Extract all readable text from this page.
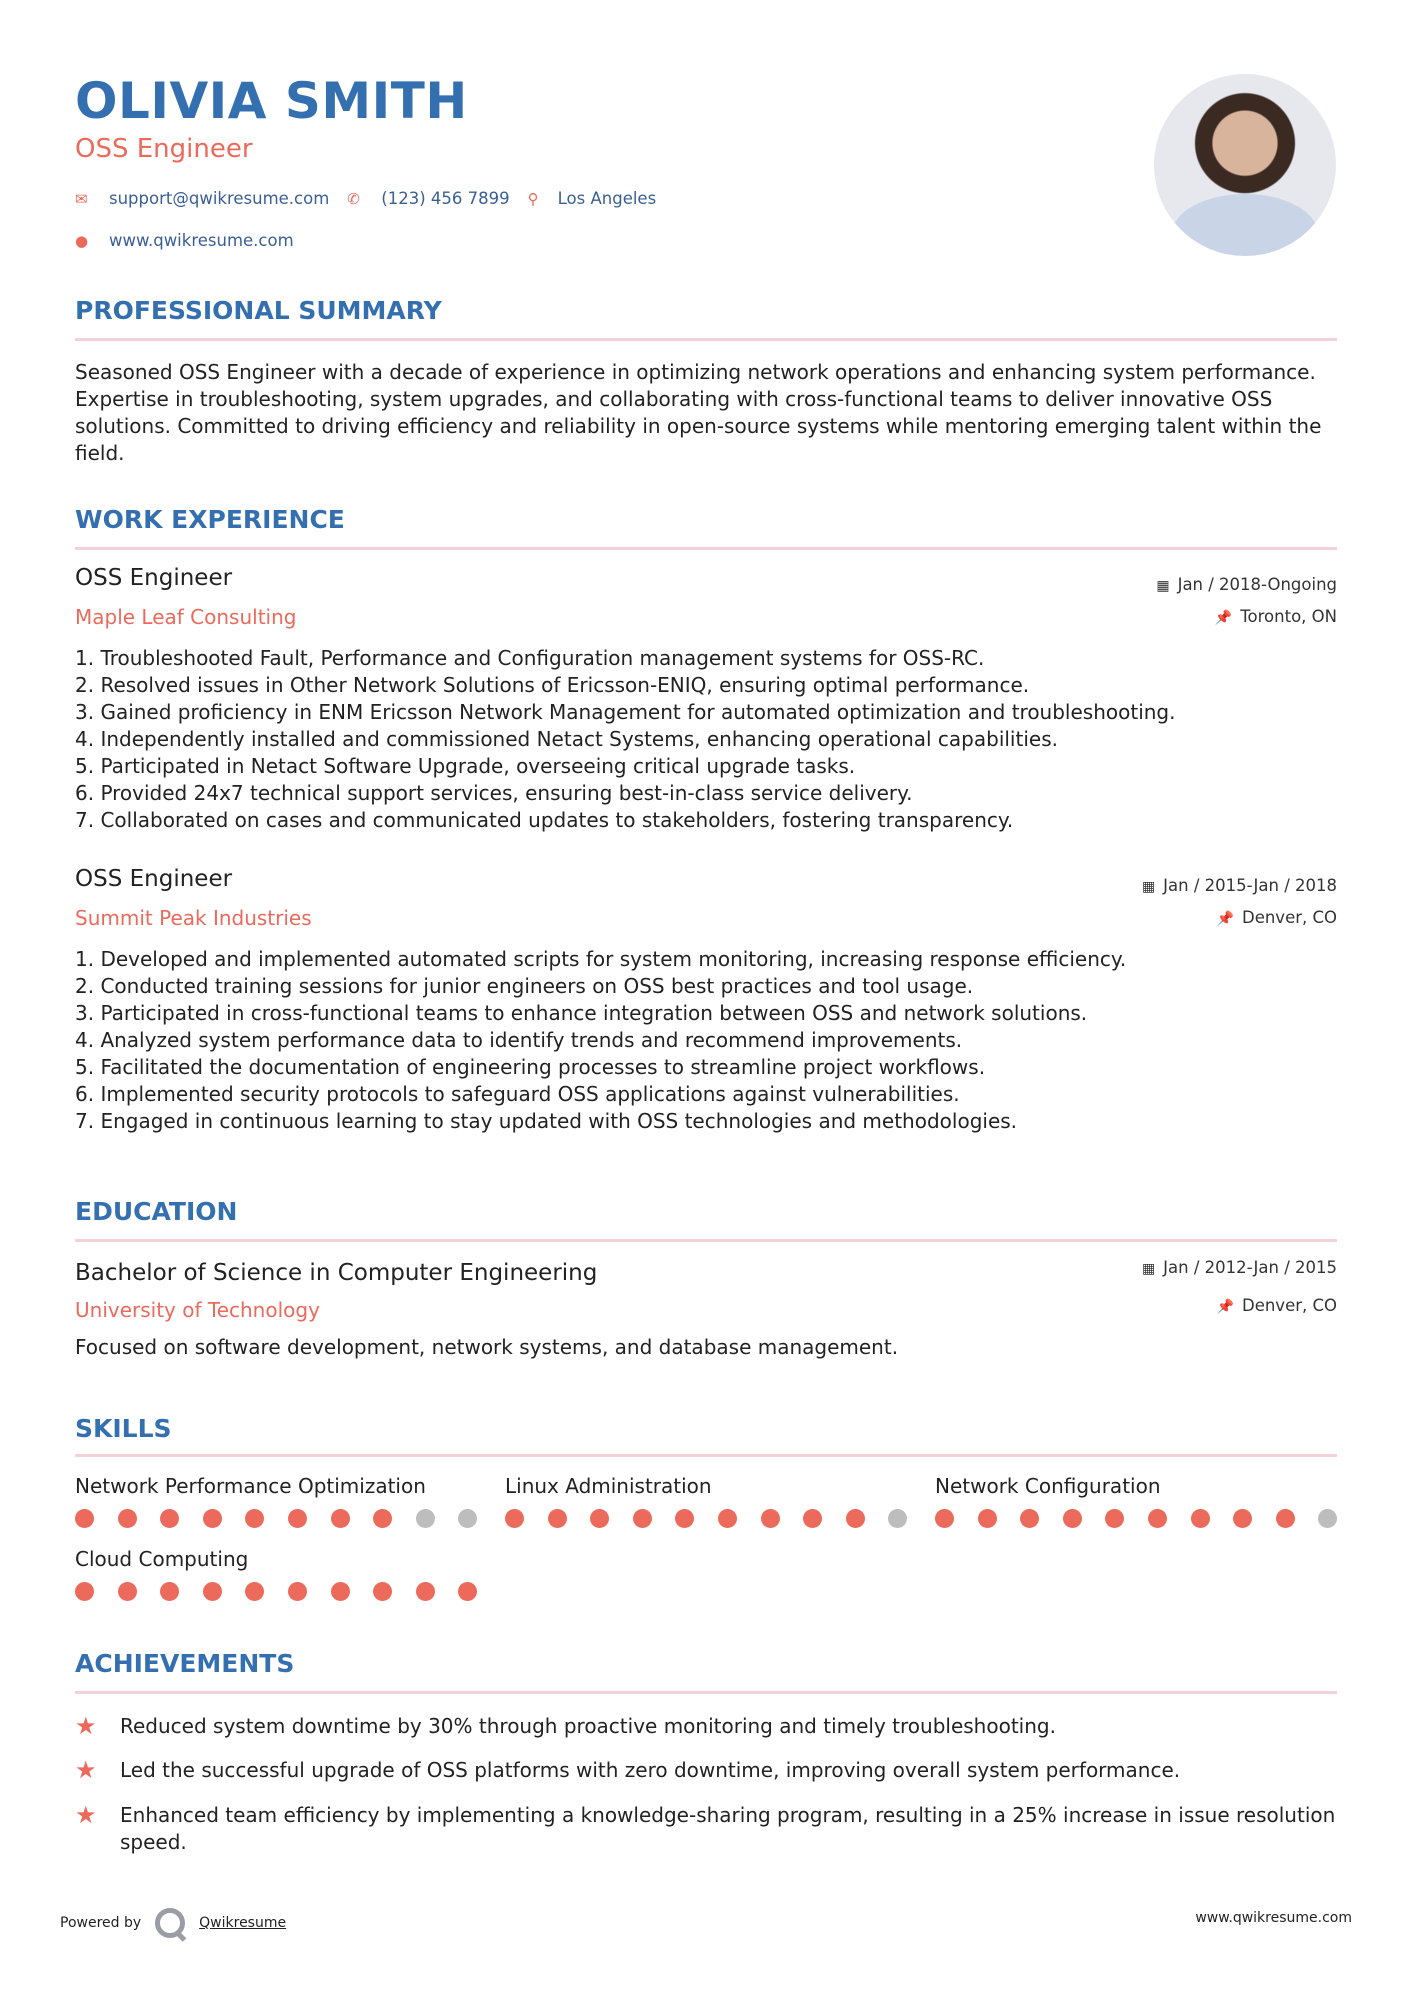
OLIVIA SMITH
OSS Engineer
✉	support@qwikresume.com ✆	(123) 456 7899 ⚲	Los Angeles
●	www.qwikresume.com
PROFESSIONAL SUMMARY
Seasoned OSS Engineer with a decade of experience in optimizing network operations and enhancing system performance. Expertise in troubleshooting, system upgrades, and collaborating with cross-functional teams to deliver innovative OSS solutions. Committed to driving efficiency and reliability in open-source systems while mentoring emerging talent within the field.
WORK EXPERIENCE
OSS Engineer
Maple Leaf Consulting
▦ Jan / 2018-Ongoing
📌 Toronto, ON
1. Troubleshooted Fault, Performance and Configuration management systems for OSS-RC.
2. Resolved issues in Other Network Solutions of Ericsson-ENIQ, ensuring optimal performance.
3. Gained proficiency in ENM Ericsson Network Management for automated optimization and troubleshooting.
4. Independently installed and commissioned Netact Systems, enhancing operational capabilities.
5. Participated in Netact Software Upgrade, overseeing critical upgrade tasks.
6. Provided 24x7 technical support services, ensuring best-in-class service delivery.
7. Collaborated on cases and communicated updates to stakeholders, fostering transparency.
OSS Engineer
Summit Peak Industries
▦ Jan / 2015-Jan / 2018
📌 Denver, CO
1. Developed and implemented automated scripts for system monitoring, increasing response efficiency.
2. Conducted training sessions for junior engineers on OSS best practices and tool usage.
3. Participated in cross-functional teams to enhance integration between OSS and network solutions.
4. Analyzed system performance data to identify trends and recommend improvements.
5. Facilitated the documentation of engineering processes to streamline project workflows.
6. Implemented security protocols to safeguard OSS applications against vulnerabilities.
7. Engaged in continuous learning to stay updated with OSS technologies and methodologies.
EDUCATION
Bachelor of Science in Computer Engineering
University of Technology
▦ Jan / 2012-Jan / 2015
📌 Denver, CO
Focused on software development, network systems, and database management.
SKILLS
Network Performance Optimization	Linux Administration	Network Configuration
Cloud Computing
ACHIEVEMENTS
★	Reduced system downtime by 30% through proactive monitoring and timely troubleshooting.
★	Led the successful upgrade of OSS platforms with zero downtime, improving overall system performance.
★	Enhanced team efficiency by implementing a knowledge-sharing program, resulting in a 25% increase in issue resolution speed.
Powered by	Qwikresume	www.qwikresume.com
